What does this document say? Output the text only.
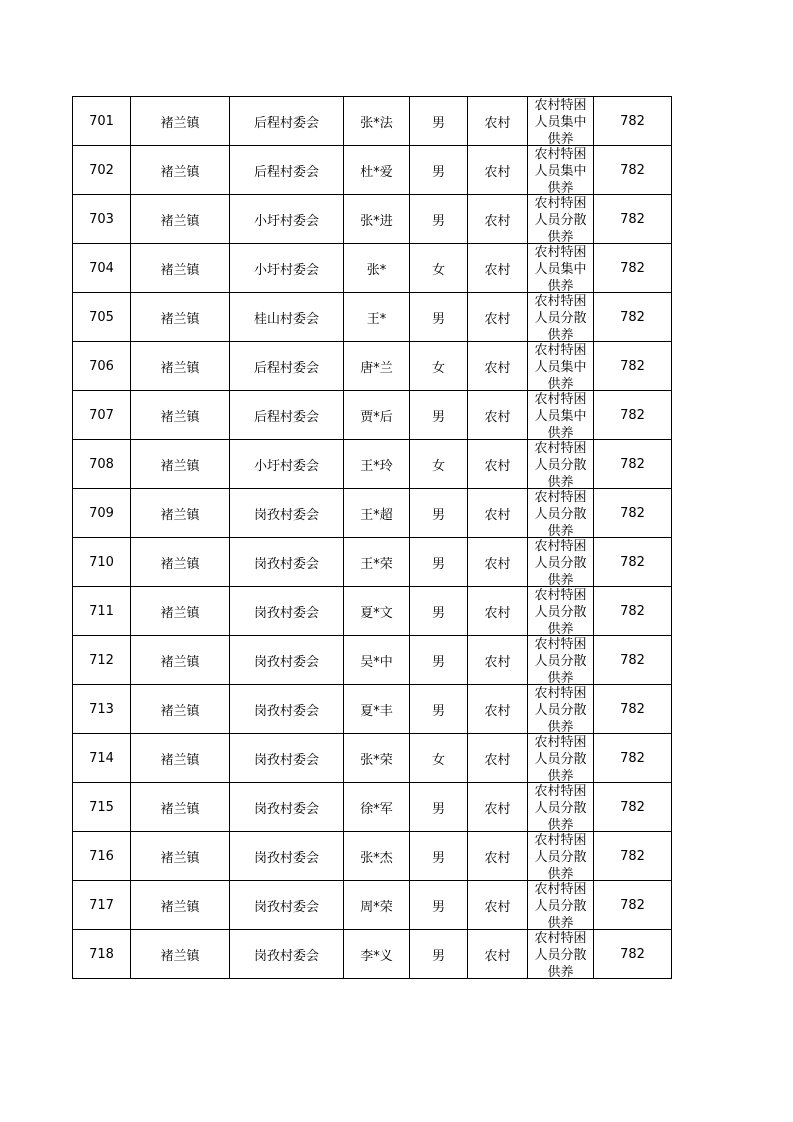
701	褚兰镇	后程村委会	张*法	男	农村	农村特困人员集中供养	782
702	褚兰镇	后程村委会	杜*爱	男	农村	农村特困人员集中供养	782
703	褚兰镇	小圩村委会	张*进	男	农村	农村特困人员分散供养	782
704	褚兰镇	小圩村委会	张*	女	农村	农村特困人员集中供养	782
705	褚兰镇	桂山村委会	王*	男	农村	农村特困人员分散供养	782
706	褚兰镇	后程村委会	唐*兰	女	农村	农村特困人员集中供养	782
707	褚兰镇	后程村委会	贾*后	男	农村	农村特困人员集中供养	782
708	褚兰镇	小圩村委会	王*玲	女	农村	农村特困人员分散供养	782
709	褚兰镇	岗孜村委会	王*超	男	农村	农村特困人员分散供养	782
710	褚兰镇	岗孜村委会	王*荣	男	农村	农村特困人员分散供养	782
711	褚兰镇	岗孜村委会	夏*文	男	农村	农村特困人员分散供养	782
712	褚兰镇	岗孜村委会	吴*中	男	农村	农村特困人员分散供养	782
713	褚兰镇	岗孜村委会	夏*丰	男	农村	农村特困人员分散供养	782
714	褚兰镇	岗孜村委会	张*荣	女	农村	农村特困人员分散供养	782
715	褚兰镇	岗孜村委会	徐*军	男	农村	农村特困人员分散供养	782
716	褚兰镇	岗孜村委会	张*杰	男	农村	农村特困人员分散供养	782
717	褚兰镇	岗孜村委会	周*荣	男	农村	农村特困人员分散供养	782
718	褚兰镇	岗孜村委会	李*义	男	农村	农村特困人员分散供养	782
